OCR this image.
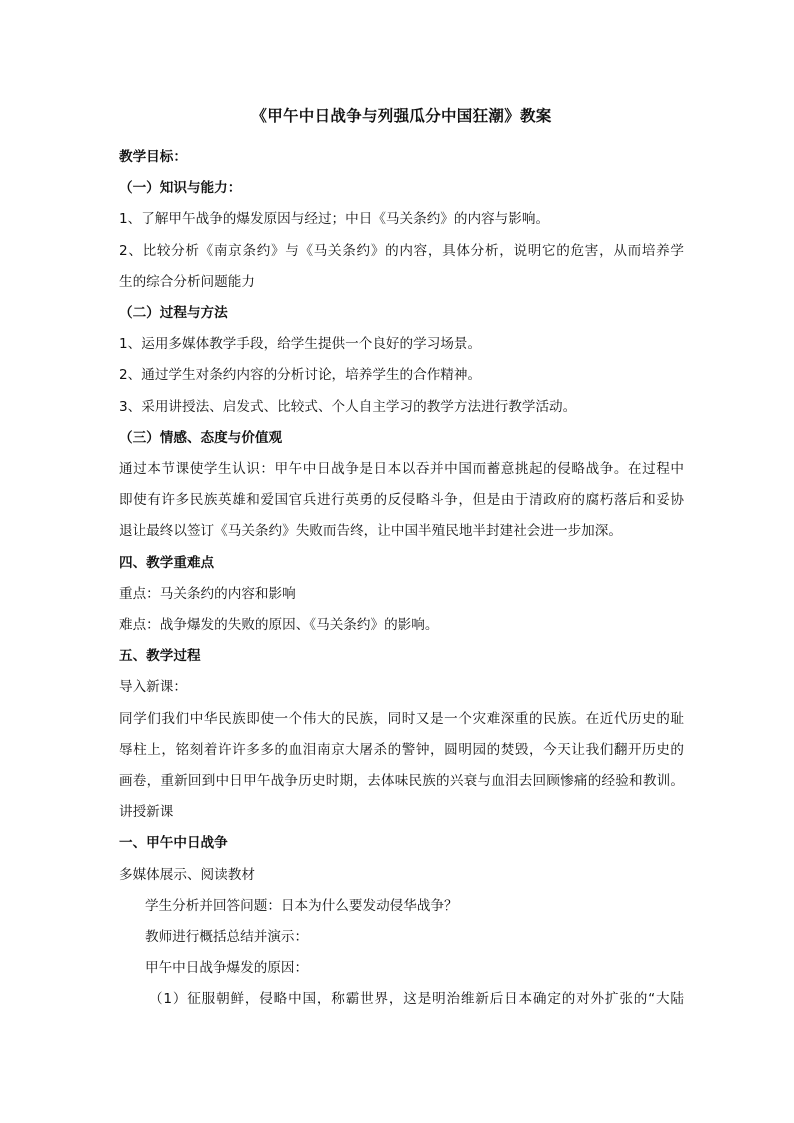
《甲午中日战争与列强瓜分中国狂潮》教案

教学目标：

（一）知识与能力：

1、了解甲午战争的爆发原因与经过；中日《马关条约》的内容与影响。

2、比较分析《南京条约》与《马关条约》的内容，具体分析，说明它的危害，从而培养学

生的综合分析问题能力

（二）过程与方法

1、运用多媒体教学手段，给学生提供一个良好的学习场景。

2、通过学生对条约内容的分析讨论，培养学生的合作精神。

3、采用讲授法、启发式、比较式、个人自主学习的教学方法进行教学活动。

（三）情感、态度与价值观

通过本节课使学生认识：甲午中日战争是日本以吞并中国而蓄意挑起的侵略战争。在过程中

即使有许多民族英雄和爱国官兵进行英勇的反侵略斗争，但是由于清政府的腐朽落后和妥协

退让最终以签订《马关条约》失败而告终，让中国半殖民地半封建社会进一步加深。

四、教学重难点

重点：马关条约的内容和影响

难点：战争爆发的失败的原因、《马关条约》的影响。

五、教学过程

导入新课：

同学们我们中华民族即使一个伟大的民族，同时又是一个灾难深重的民族。在近代历史的耻

辱柱上，铭刻着许许多多的血泪南京大屠杀的警钟，圆明园的焚毁，今天让我们翻开历史的

画卷，重新回到中日甲午战争历史时期，去体味民族的兴衰与血泪去回顾惨痛的经验和教训。

讲授新课

一、甲午中日战争

多媒体展示、阅读教材

学生分析并回答问题：日本为什么要发动侵华战争？

教师进行概括总结并演示：

甲午中日战争爆发的原因：

（1）征服朝鲜，侵略中国，称霸世界，这是明治维新后日本确定的对外扩张的“大陆
